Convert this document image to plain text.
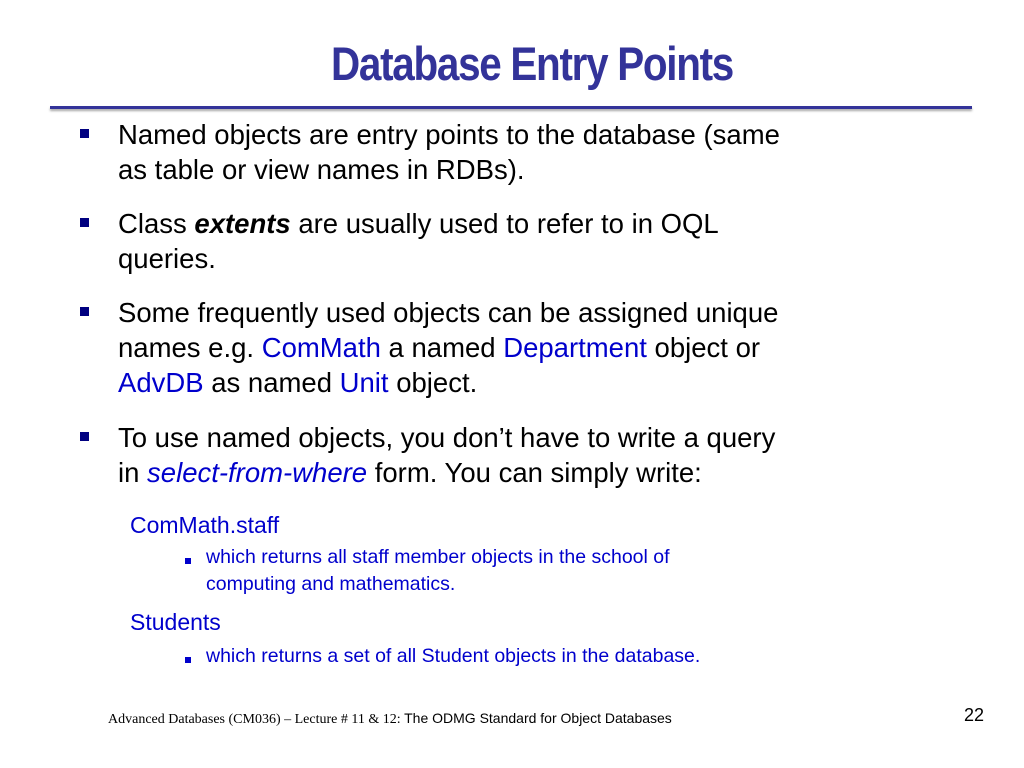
Database Entry Points
Named objects are entry points to the database (same
as table or view names in RDBs).
Class extents are usually used to refer to in OQL
queries.
Some frequently used objects can be assigned unique
names e.g. ComMath a named Department object or
AdvDB as named Unit object.
To use named objects, you don’t have to write a query
in select-from-where form. You can simply write:
ComMath.staff
which returns all staff member objects in the school of
computing and mathematics.
Students
which returns a set of all Student objects in the database.
Advanced Databases (CM036) – Lecture # 11 & 12: The ODMG Standard for Object Databases	22
